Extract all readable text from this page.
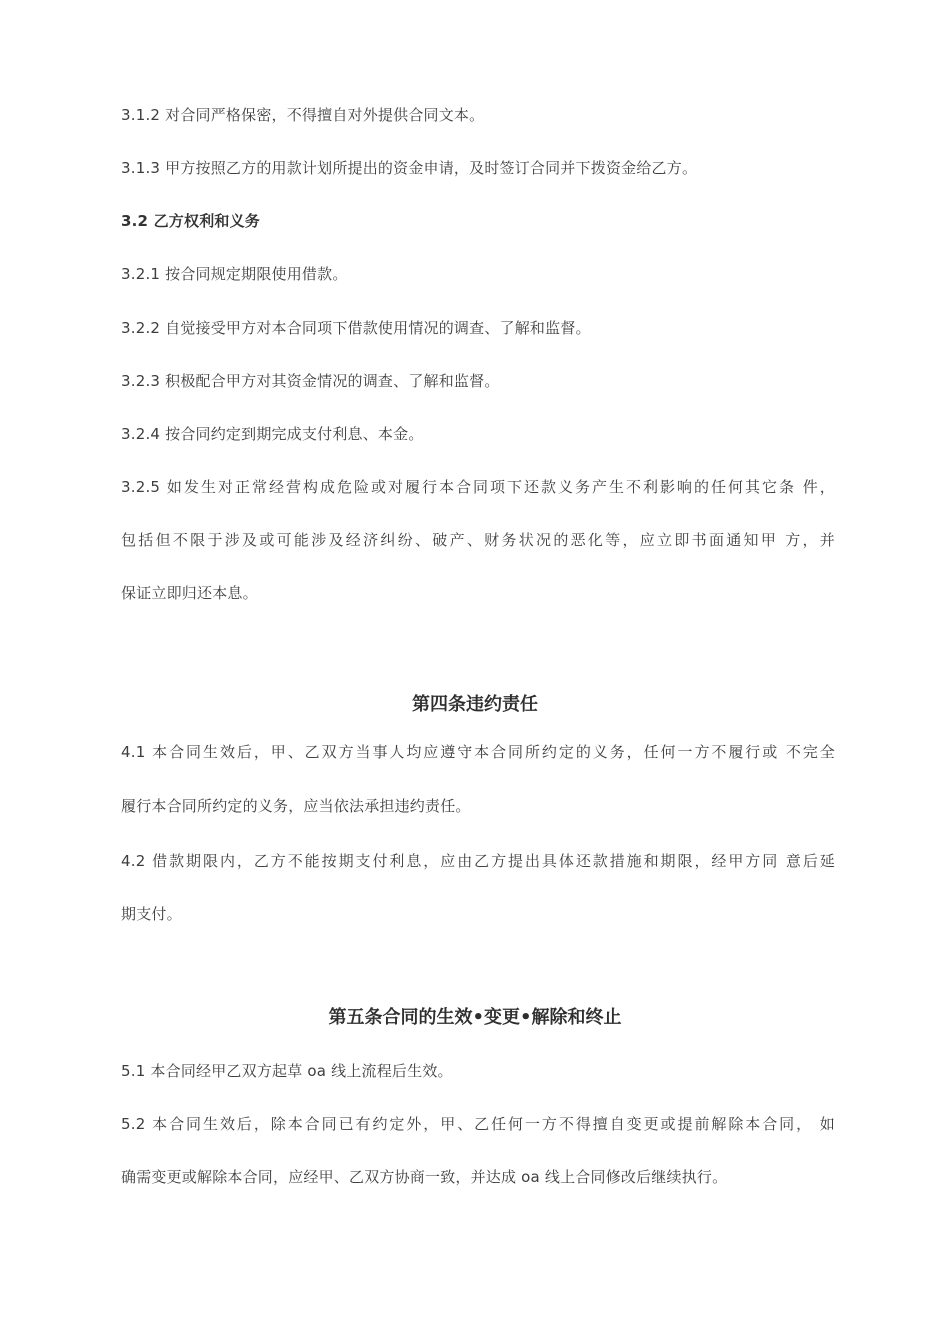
3.1.2 对合同严格保密，不得擅自对外提供合同文本。
3.1.3 甲方按照乙方的用款计划所提出的资金申请，及时签订合同并下拨资金给乙方。
3.2 乙方权利和义务
3.2.1 按合同规定期限使用借款。
3.2.2 自觉接受甲方对本合同项下借款使用情况的调查、了解和监督。
3.2.3 积极配合甲方对其资金情况的调查、了解和监督。
3.2.4 按合同约定到期完成支付利息、本金。
3.2.5 如发生对正常经营构成危险或对履行本合同项下还款义务产生不利影响的任何其它条 件，
包括但不限于涉及或可能涉及经济纠纷、破产、财务状况的恶化等，应立即书面通知甲 方，并
保证立即归还本息。
第四条违约责任
4.1 本合同生效后，甲、乙双方当事人均应遵守本合同所约定的义务，任何一方不履行或 不完全
履行本合同所约定的义务，应当依法承担违约责任。
4.2 借款期限内，乙方不能按期支付利息，应由乙方提出具体还款措施和期限，经甲方同 意后延
期支付。
第五条合同的生效•变更•解除和终止
5.1 本合同经甲乙双方起草 oa 线上流程后生效。
5.2 本合同生效后，除本合同已有约定外，甲、乙任何一方不得擅自变更或提前解除本合同， 如
确需变更或解除本合同，应经甲、乙双方协商一致，并达成 oa 线上合同修改后继续执行。
